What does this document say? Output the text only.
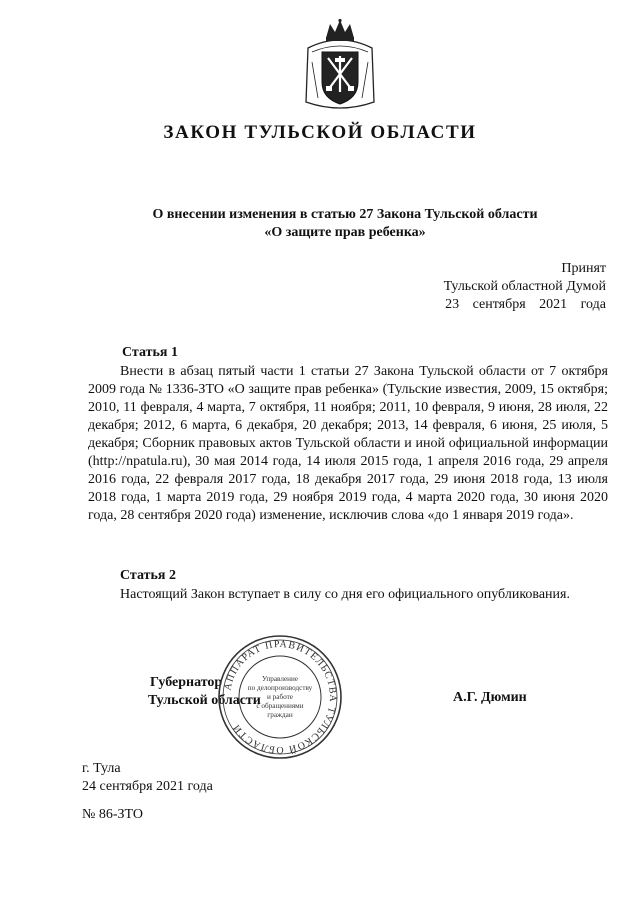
ЗАКОН ТУЛЬСКОЙ ОБЛАСТИ
О внесении изменения в статью 27 Закона Тульской области
«О защите прав ребенка»
Принят
Тульской областной Думой
23 сентября 2021 года
Статья 1
Внести в абзац пятый части 1 статьи 27 Закона Тульской области от 7 октября 2009 года № 1336-ЗТО «О защите прав ребенка» (Тульские известия, 2009, 15 октября; 2010, 11 февраля, 4 марта, 7 октября, 11 ноября; 2011, 10 февраля, 9 июня, 28 июля, 22 декабря; 2012, 6 марта, 6 декабря, 20 декабря; 2013, 14 февраля, 6 июня, 25 июля, 5 декабря; Сборник правовых актов Тульской области и иной официальной информации (http://npatula.ru), 30 мая 2014 года, 14 июля 2015 года, 1 апреля 2016 года, 29 апреля 2016 года, 22 февраля 2017 года, 18 декабря 2017 года, 29 июня 2018 года, 13 июля 2018 года, 1 марта 2019 года, 29 ноября 2019 года, 4 марта 2020 года, 30 июня 2020 года, 28 сентября 2020 года) изменение, исключив слова «до 1 января 2019 года».
Статья 2
Настоящий Закон вступает в силу со дня его официального опубликования.
Губернатор
Тульской области	А.Г. Дюмин
АППАРАТ ПРАВИТЕЛЬСТВА ТУЛЬСКОЙ ОБЛАСТИ
Управление
по делопроизводству
и работе
с обращениями
граждан
г. Тула
24 сентября 2021 года
№ 86-ЗТО
